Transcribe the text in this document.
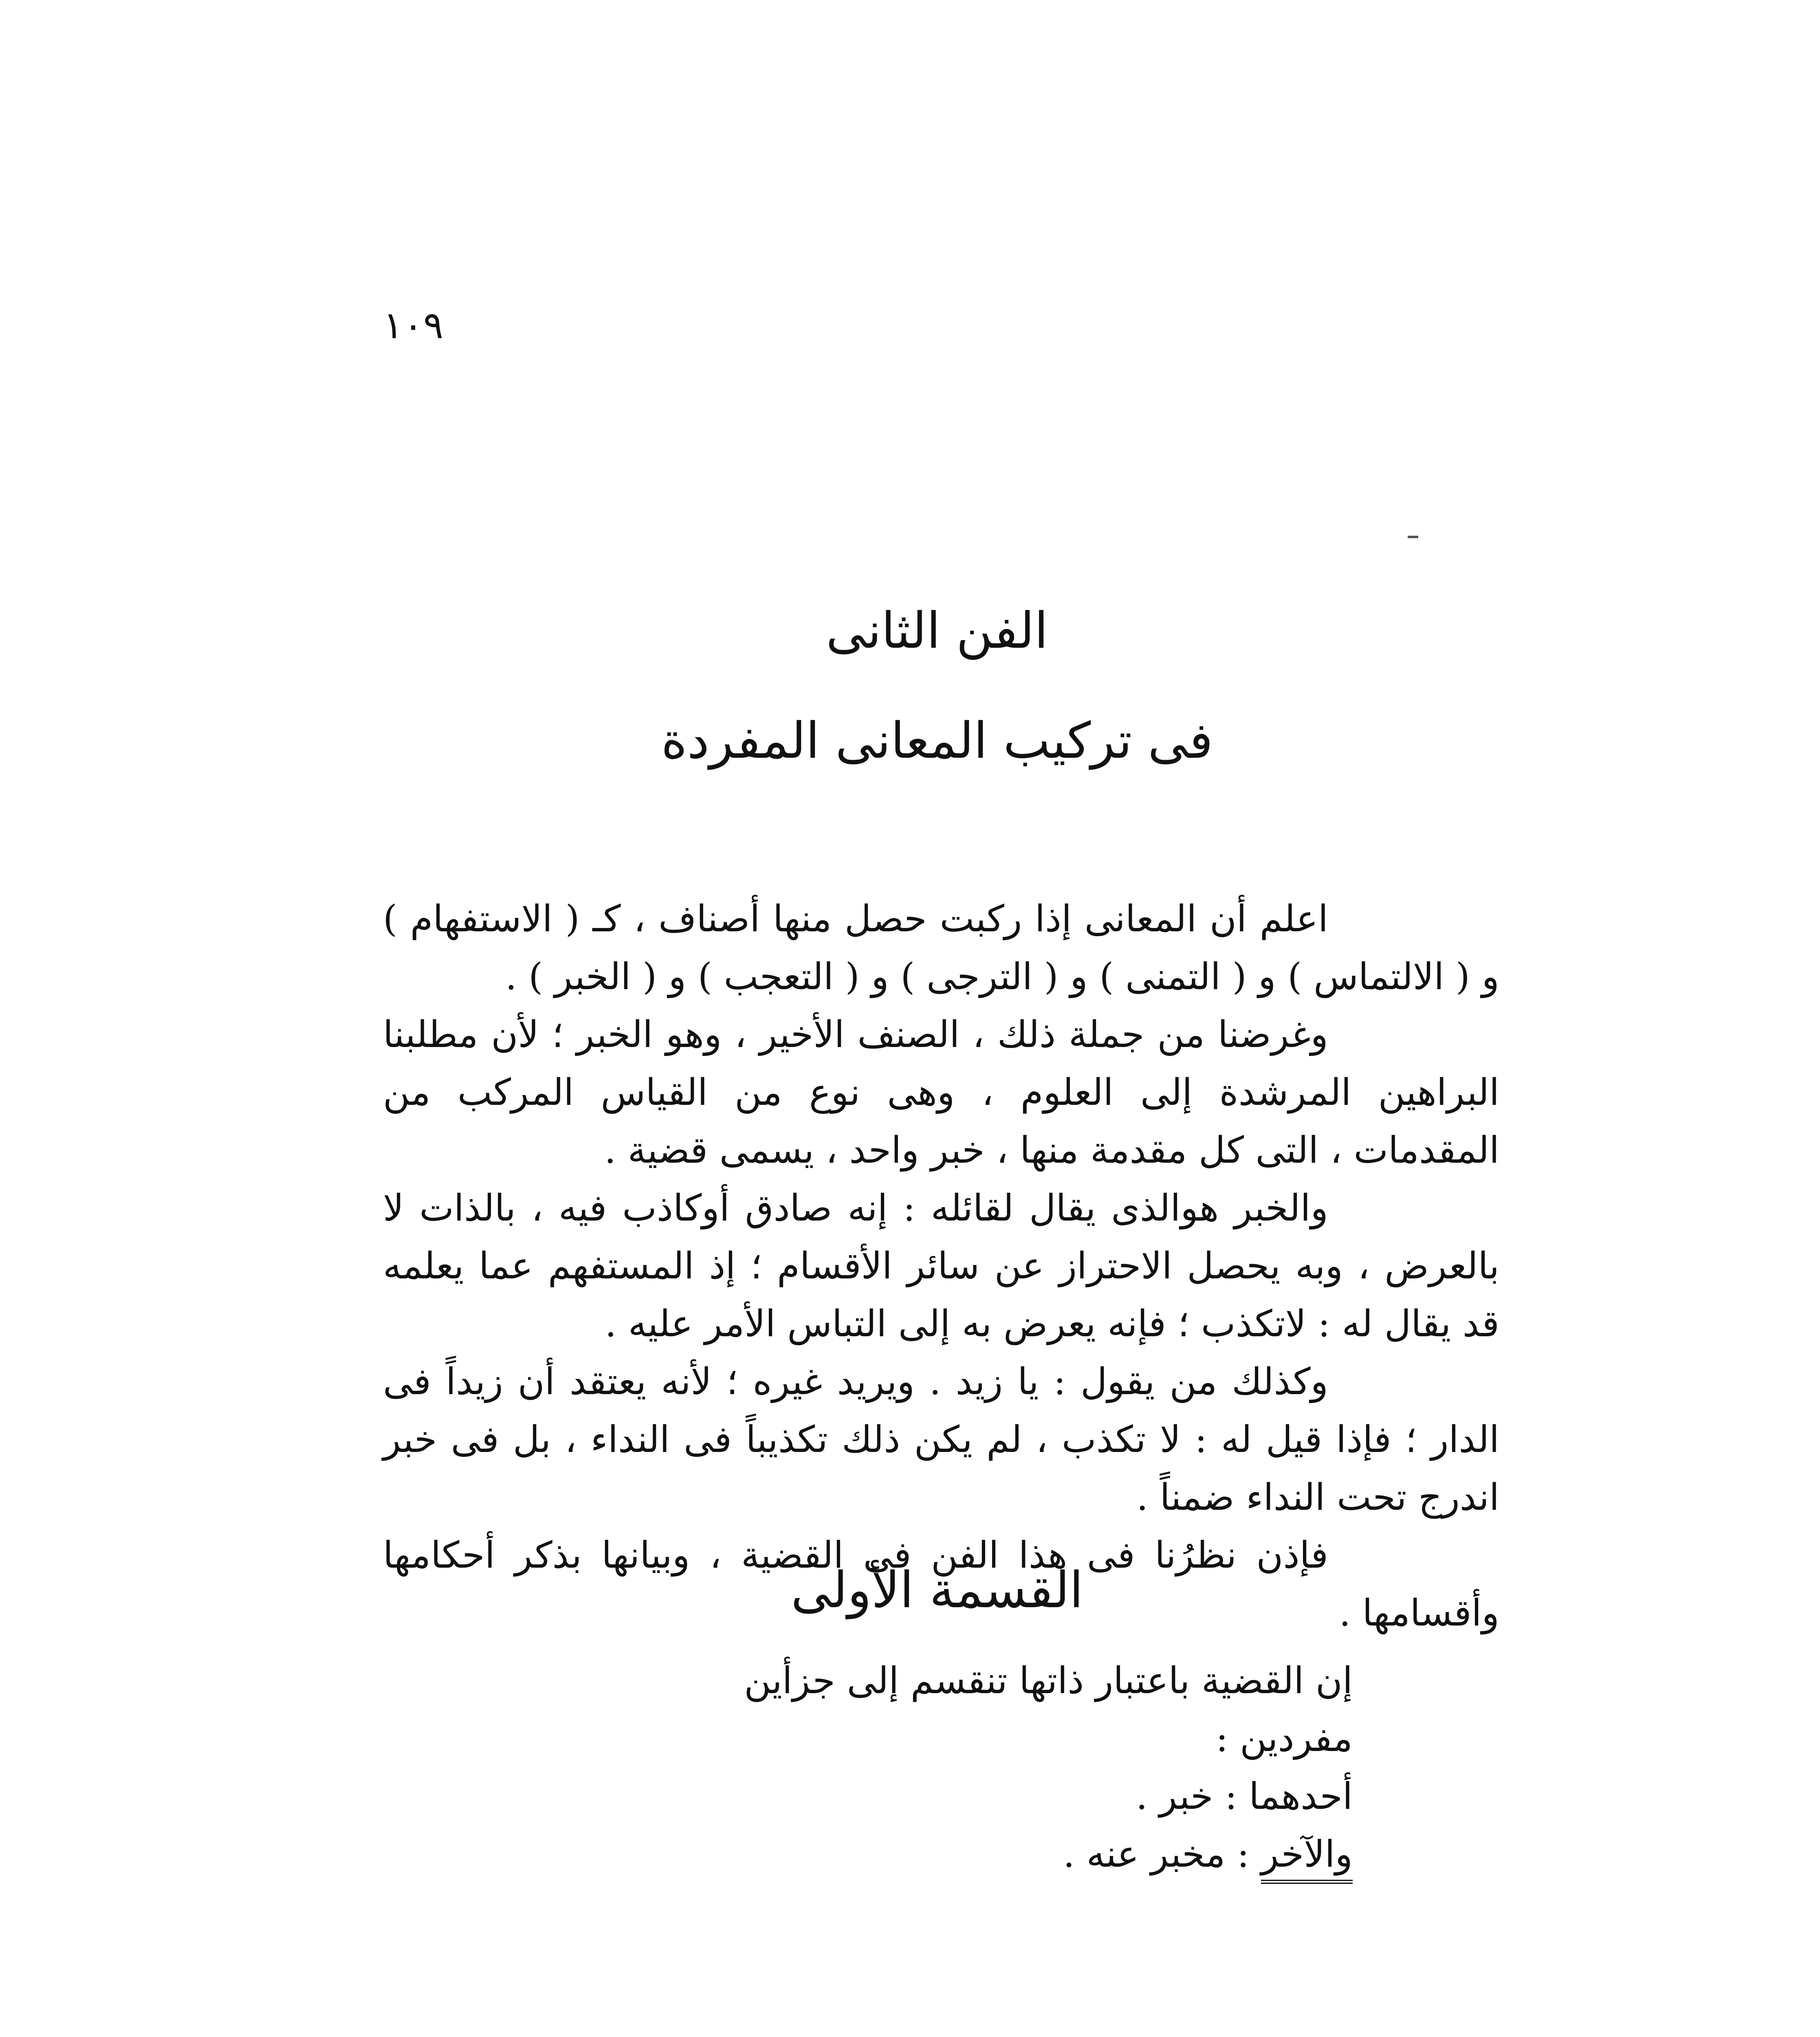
١٠٩
الفن الثانى
فى تركيب المعانى المفردة

اعلم أن المعانى إذا ركبت حصل منها أصناف ، كـ ( الاستفهام ) و ( الالتماس ) و ( التمنى ) و ( الترجى ) و ( التعجب ) و ( الخبر ) .

وغرضنا من جملة ذلك ، الصنف الأخير ، وهو الخبر ؛ لأن مطلبنا البراهين المرشدة إلى العلوم ، وهى نوع من القياس المركب من المقدمات ، التى كل مقدمة منها ، خبر واحد ، يسمى قضية .

والخبر هوالذى يقال لقائله : إنه صادق أوكاذب فيه ، بالذات لا بالعرض ، وبه يحصل الاحتراز عن سائر الأقسام ؛ إذ المستفهم عما يعلمه قد يقال له : لاتكذب ؛ فإنه يعرض به إلى التباس الأمر عليه .

وكذلك من يقول : يا زيد . ويريد غيره ؛ لأنه يعتقد أن زيداً فى الدار ؛ فإذا قيل له : لا تكذب ، لم يكن ذلك تكذيباً فى النداء ، بل فى خبر اندرج تحت النداء ضمناً .

فإذن نظرُنا فى هذا الفن فى القضية ، وبيانها بذكر أحكامها وأقسامها .

القسمة الأولى

إن القضية باعتبار ذاتها تنقسم إلى جزأين مفردين :

أحدهما : خبر .

والآخر : مخبر عنه .
